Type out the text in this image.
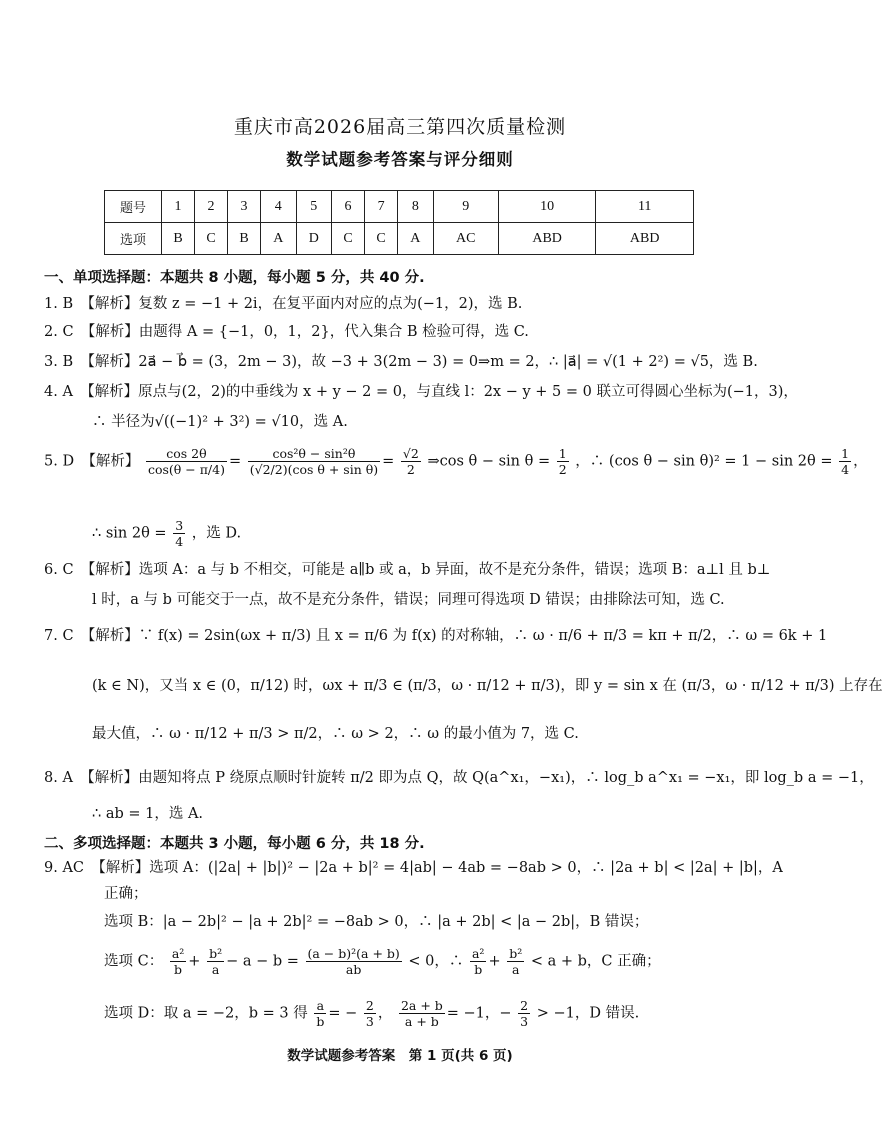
重庆市高2026届高三第四次质量检测
数学试题参考答案与评分细则
题号	1	2	3	4	5	6	7	8	9	10	11
选项	B	C	B	A	D	C	C	A	AC	ABD	ABD
一、单项选择题：本题共 8 小题，每小题 5 分，共 40 分.
1. B　【解析】复数 z = −1 + 2i，在复平面内对应的点为(−1，2)，选 B.
2. C　【解析】由题得 A = {−1，0，1，2}，代入集合 B 检验可得，选 C.
3. B　【解析】2a⃗ − b⃗ = (3，2m − 3)，故 −3 + 3(2m − 3) = 0⇒m = 2，∴ |a⃗| = √(1 + 2²) = √5，选 B.
4. A　【解析】原点与(2，2)的中垂线为 x + y − 2 = 0，与直线 l：2x − y + 5 = 0 联立可得圆心坐标为(−1，3)，
∴ 半径为√((−1)² + 3²) = √10，选 A.
5. D　【解析】 $\frac{\cos 2\theta}{\cos(\theta - \pi/4)} = \frac{\text{cos²θ − sin²θ}}{\text{(√2/2)(cos θ + sin θ)}} = \frac{√2}{2}$ ⇒cos $\theta - \sin \theta = \frac{1}{2}$ ，∴ (cos $\theta - \sin \theta)^2 = 1 - \sin 2\theta = \frac{1}{4}$ ，
∴ $\sin 2\theta = \frac{3}{4}$ ，选 D.
6. C　【解析】选项 A：a 与 b 不相交，可能是 a∥b 或 a，b 异面，故不是充分条件，错误；选项 B：a⊥l 且 b⊥
l 时，a 与 b 可能交于一点，故不是充分条件，错误；同理可得选项 D 错误；由排除法可知，选 C.
7. C　【解析】∵ f(x) = 2sin(ωx + π/3) 且 x = π/6 为 f(x) 的对称轴，∴ ω · π/6 + π/3 = kπ + π/2，∴ ω = 6k + 1
(k ∈ N)，又当 x ∈ (0，π/12) 时，ωx + π/3 ∈ (π/3，ω · π/12 + π/3)，即 y = sin x 在 (π/3，ω · π/12 + π/3) 上存在
最大值，∴ ω · π/12 + π/3 > π/2，∴ ω > 2，∴ ω 的最小值为 7，选 C.
8. A　【解析】由题知将点 P 绕原点顺时针旋转 π/2 即为点 Q，故 Q(a^x₁，−x₁)，∴ log_b a^x₁ = −x₁，即 log_b a = −1，
∴ ab = 1，选 A.
二、多项选择题：本题共 3 小题，每小题 6 分，共 18 分.
9. AC　【解析】选项 A：(|2a| + |b|)² − |2a + b|² = 4|ab| − 4ab = −8ab > 0，∴ |2a + b| < |2a| + |b|，A
正确；
选项 B：|a − 2b|² − |a + 2b|² = −8ab > 0，∴ |a + 2b| < |a − 2b|，B 错误；
选项 C： $\frac{\text{a²}}{b} + \frac{\text{b²}}{a} - a - b = \frac{\text{(a − b)²(a + b)}}{ab} < 0$，∴ $\frac{\text{a²}}{b} + \frac{\text{b²}}{a} < a + b$，C 正确；
选项 D：取 a = −2，b = 3 得 $\frac{a}{b}$ = − $\frac{2}{3}$ ， $\frac{2a + b}{a + b} = -1$，− $\frac{2}{3} > -1$，D 错误.
数学试题参考答案　第 1 页(共 6 页)
